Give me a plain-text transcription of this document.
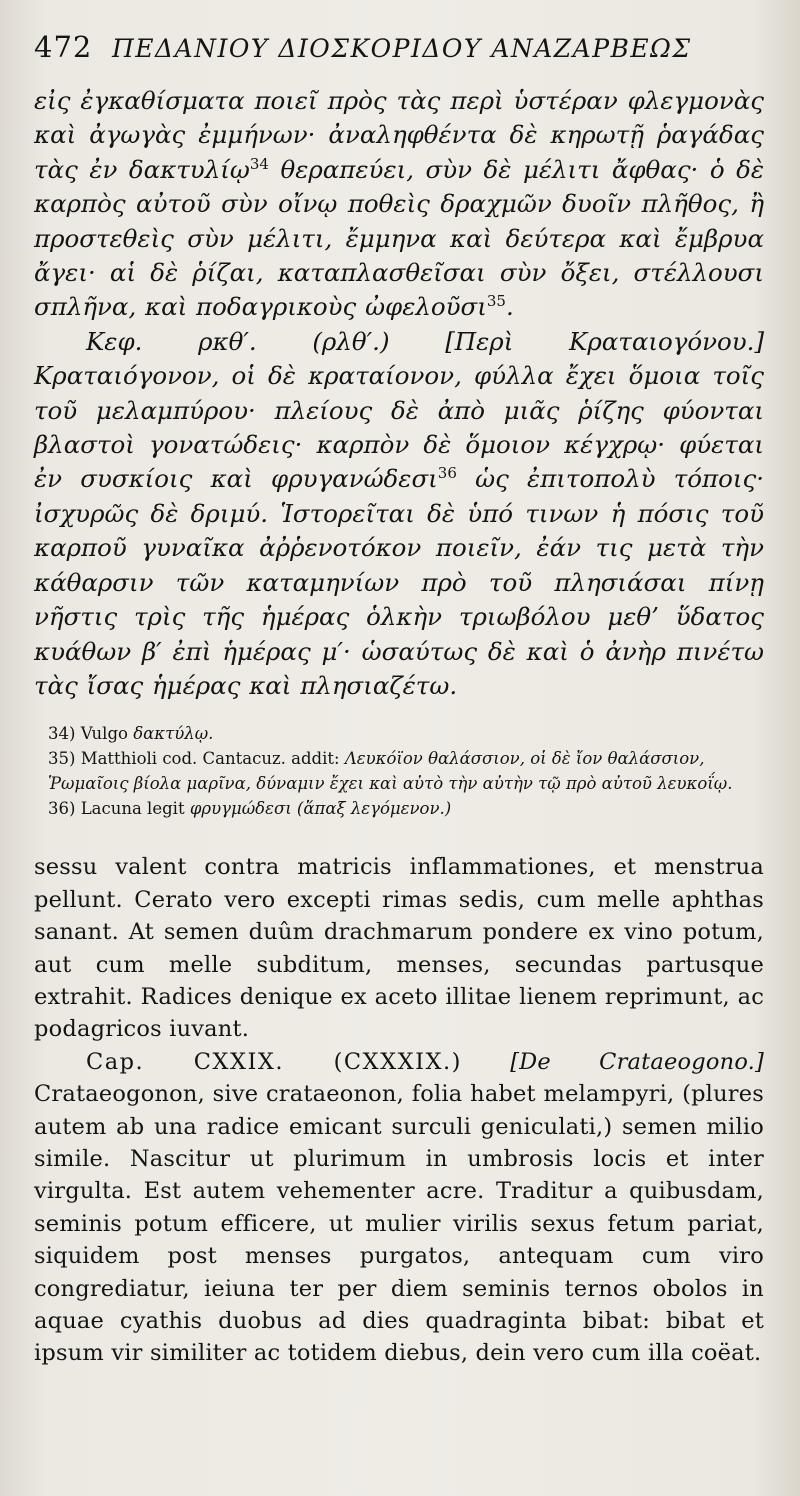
472 ΠΕΔΑΝΙΟΥ ΔΙΟΣΚΟΡΙΔΟΥ ΑΝΑΖΑΡΒΕΩΣ

εἰς ἐγκαθίσματα ποιεῖ πρὸς τὰς περὶ ὑστέραν φλεγμονὰς καὶ ἀγωγὰς ἐμμήνων· ἀναληφθέντα δὲ κηρωτῇ ῥαγάδας τὰς ἐν δακτυλίῳ$^{34}$ θεραπεύει, σὺν δὲ μέλιτι ἄφθας· ὁ δὲ καρπὸς αὐτοῦ σὺν οἴνῳ ποθεὶς δραχμῶν δυοῖν πλῆθος, ἢ προστεθεὶς σὺν μέλιτι, ἔμμηνα καὶ δεύτερα καὶ ἔμβρυα ἄγει· αἱ δὲ ῥίζαι, καταπλασθεῖσαι σὺν ὄξει, στέλλουσι σπλῆνα, καὶ ποδαγρικοὺς ὠφελοῦσι$^{35}$.

Κεφ. ρκθ′. (ρλθ′.) [Περὶ Κραταιογόνου.] Κραταιόγονον, οἱ δὲ κραταίονον, φύλλα ἔχει ὅμοια τοῖς τοῦ μελαμπύρου· πλείους δὲ ἀπὸ μιᾶς ῥίζης φύονται βλαστοὶ γονατώδεις· καρπὸν δὲ ὅμοιον κέγχρῳ· φύεται ἐν συσκίοις καὶ φρυγανώδεσι$^{36}$ ὡς ἐπιτοπολὺ τόποις· ἰσχυρῶς δὲ δριμύ. Ἱστορεῖται δὲ ὑπό τινων ἡ πόσις τοῦ καρποῦ γυναῖκα ἀῤῥενοτόκον ποιεῖν, ἐάν τις μετὰ τὴν κάθαρσιν τῶν καταμηνίων πρὸ τοῦ πλησιάσαι πίνῃ νῆστις τρὶς τῆς ἡμέρας ὁλκὴν τριωβόλου μεθ’ ὕδατος κυάθων β′ ἐπὶ ἡμέρας μ′· ὡσαύτως δὲ καὶ ὁ ἀνὴρ πινέτω τὰς ἴσας ἡμέρας καὶ πλησιαζέτω.

34) Vulgo δακτύλῳ.

35) Matthioli cod. Cantacuz. addit: Λευκόϊον θαλάσσιον, οἱ δὲ ἴον θαλάσσιον, Ῥωμαῖοις βίολα μαρῖνα, δύναμιν ἔχει καὶ αὐτὸ τὴν αὐτὴν τῷ πρὸ αὐτοῦ λευκοΐῳ.

36) Lacuna legit φρυγμώδεσι (ἅπαξ λεγόμενον.)

sessu valent contra matricis inflammationes, et menstrua pellunt. Cerato vero excepti rimas sedis, cum melle aphthas sanant. At semen duûm drachmarum pondere ex vino potum, aut cum melle subditum, menses, secundas partusque extrahit. Radices denique ex aceto illitae lienem reprimunt, ac podagricos iuvant.

Cap. CXXIX. (CXXXIX.) [De Crataeogono.] Crataeogonon, sive crataeonon, folia habet melampyri, (plures autem ab una radice emicant surculi geniculati,) semen milio simile. Nascitur ut plurimum in umbrosis locis et inter virgulta. Est autem vehementer acre. Traditur a quibusdam, seminis potum efficere, ut mulier virilis sexus fetum pariat, siquidem post menses purgatos, antequam cum viro congrediatur, ieiuna ter per diem seminis ternos obolos in aquae cyathis duobus ad dies quadraginta bibat: bibat et ipsum vir similiter ac totidem diebus, dein vero cum illa coëat.
